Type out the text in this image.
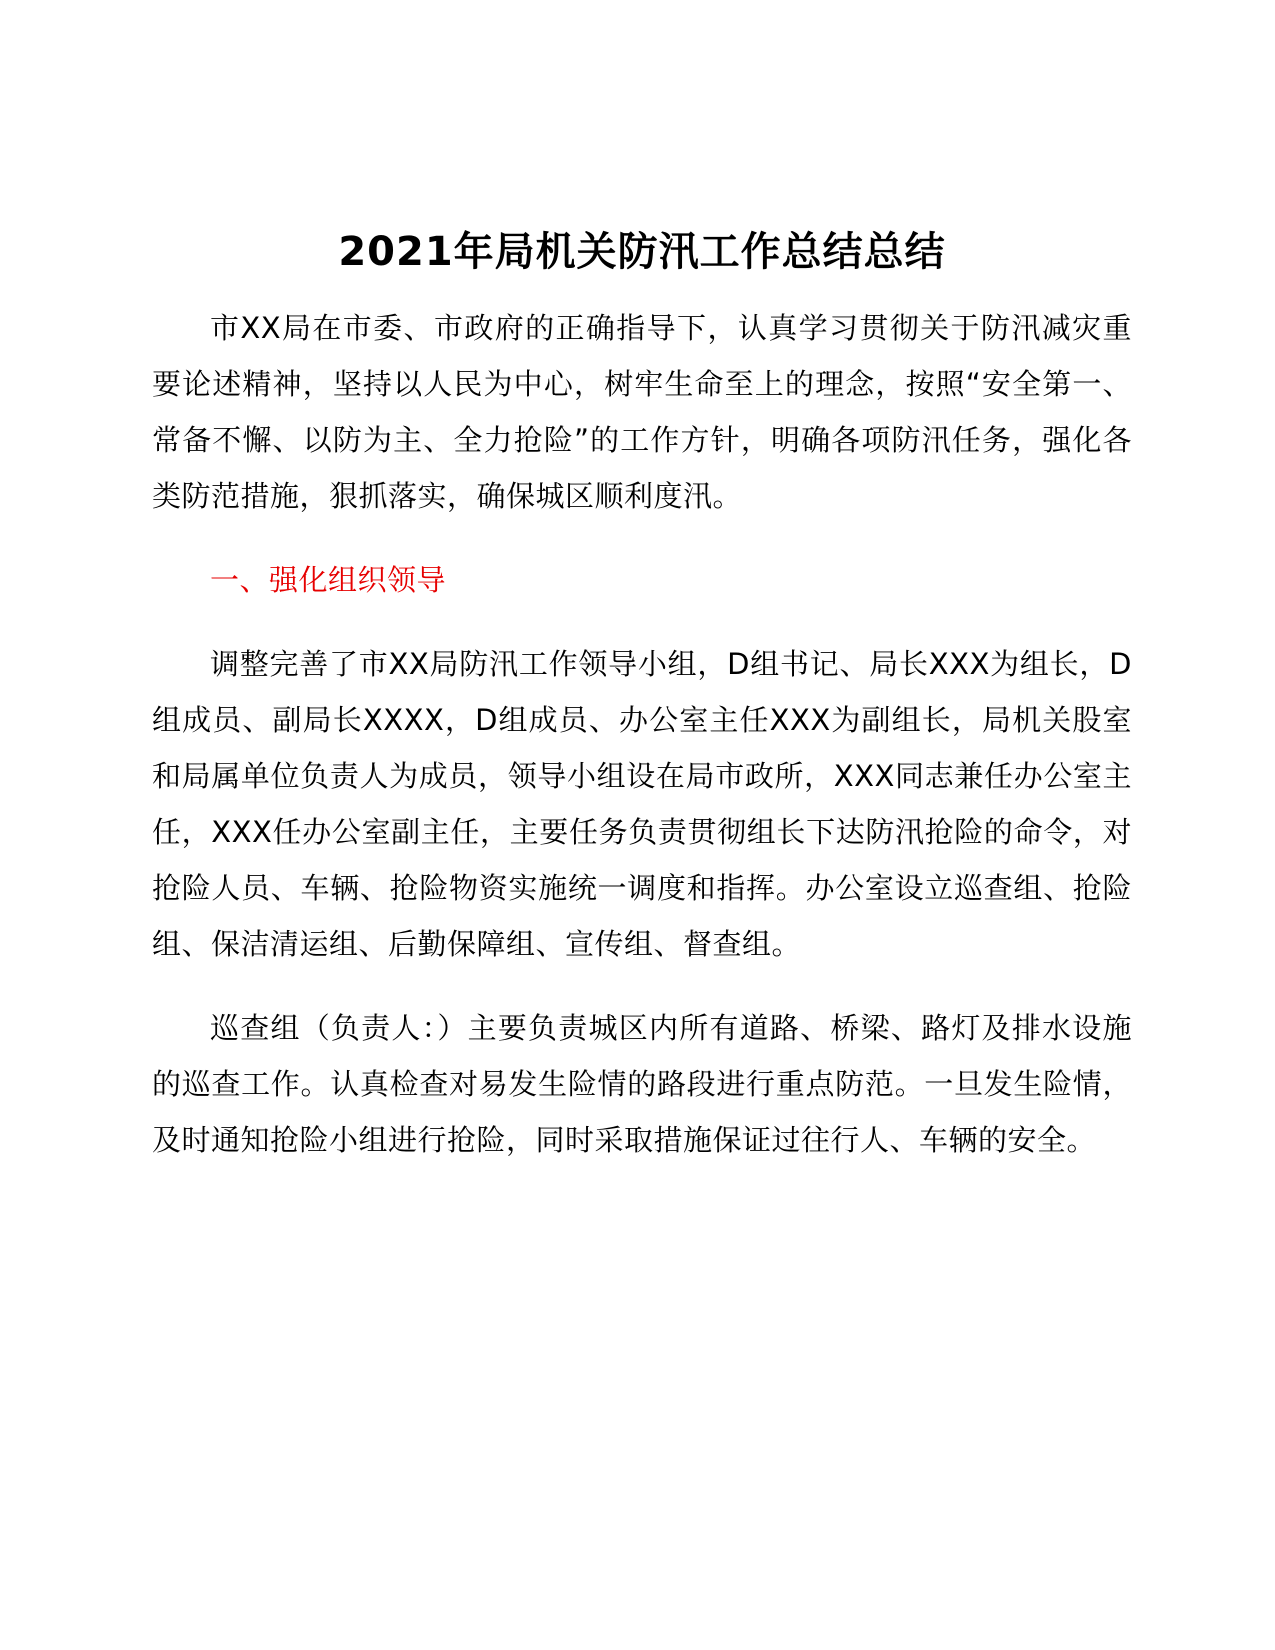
2021年局机关防汛工作总结总结

市XX局在市委、市政府的正确指导下，认真学习贯彻关于防汛减灾重要论述精神，坚持以人民为中心，树牢生命至上的理念，按照“安全第一、常备不懈、以防为主、全力抢险”的工作方针，明确各项防汛任务，强化各类防范措施，狠抓落实，确保城区顺利度汛。

一、强化组织领导

调整完善了市XX局防汛工作领导小组，D组书记、局长XXX为组长，D组成员、副局长XXXX，D组成员、办公室主任XXX为副组长，局机关股室和局属单位负责人为成员，领导小组设在局市政所，XXX同志兼任办公室主任，XXX任办公室副主任，主要任务负责贯彻组长下达防汛抢险的命令，对抢险人员、车辆、抢险物资实施统一调度和指挥。办公室设立巡查组、抢险组、保洁清运组、后勤保障组、宣传组、督查组。

巡查组（负责人：）主要负责城区内所有道路、桥梁、路灯及排水设施的巡查工作。认真检查对易发生险情的路段进行重点防范。一旦发生险情，及时通知抢险小组进行抢险，同时采取措施保证过往行人、车辆的安全。
